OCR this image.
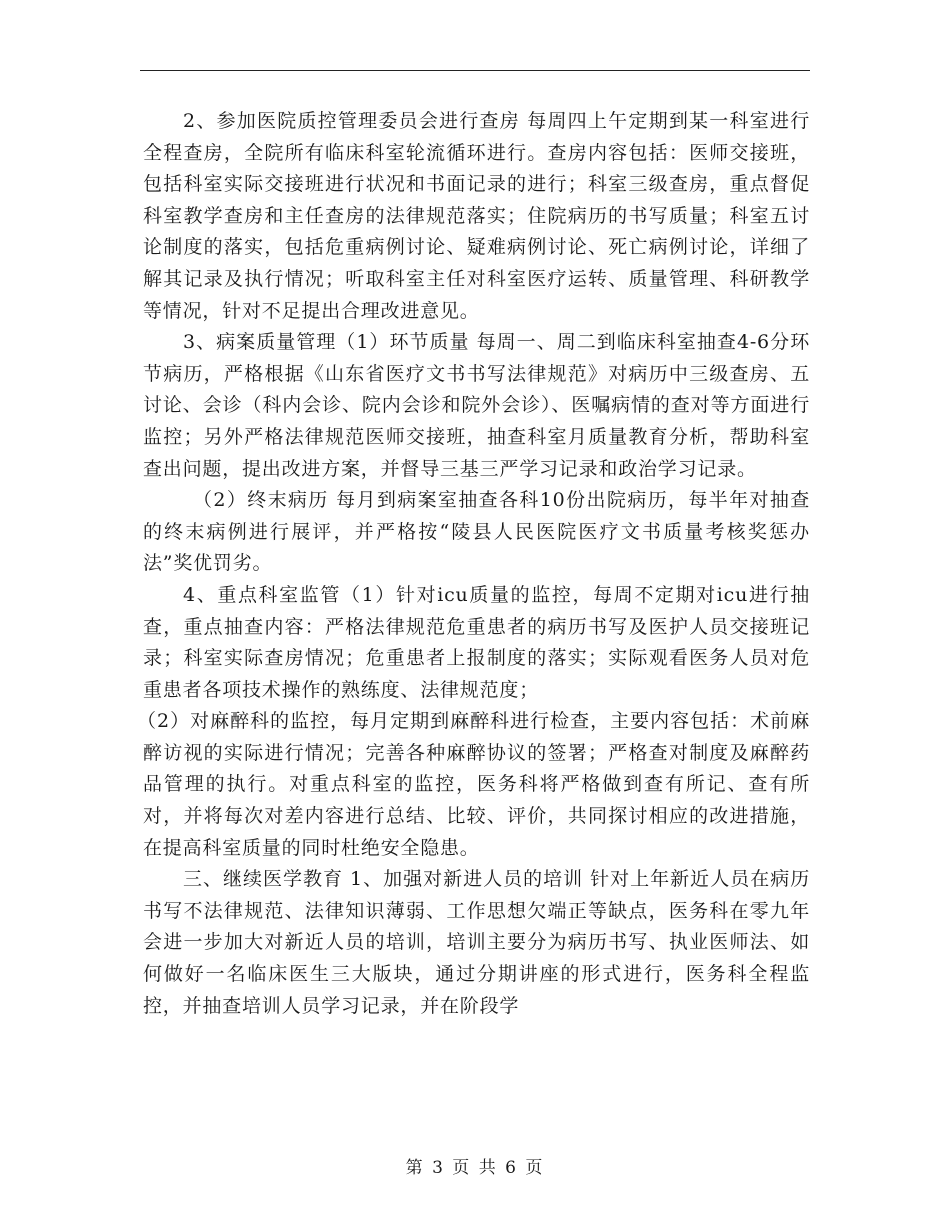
2、参加医院质控管理委员会进行查房 每周四上午定期到某一科室进行全程查房，全院所有临床科室轮流循环进行。查房内容包括：医师交接班，包括科室实际交接班进行状况和书面记录的进行；科室三级查房，重点督促科室教学查房和主任查房的法律规范落实；住院病历的书写质量；科室五讨论制度的落实，包括危重病例讨论、疑难病例讨论、死亡病例讨论，详细了解其记录及执行情况；听取科室主任对科室医疗运转、质量管理、科研教学等情况，针对不足提出合理改进意见。

3、病案质量管理（1）环节质量 每周一、周二到临床科室抽查4-6分环节病历，严格根据《山东省医疗文书书写法律规范》对病历中三级查房、五讨论、会诊（科内会诊、院内会诊和院外会诊）、医嘱病情的查对等方面进行监控；另外严格法律规范医师交接班，抽查科室月质量教育分析，帮助科室查出问题，提出改进方案，并督导三基三严学习记录和政治学习记录。

（2）终末病历 每月到病案室抽查各科10份出院病历，每半年对抽查的终末病例进行展评，并严格按“陵县人民医院医疗文书质量考核奖惩办法”奖优罚劣。

4、重点科室监管（1）针对icu质量的监控，每周不定期对icu进行抽查，重点抽查内容：严格法律规范危重患者的病历书写及医护人员交接班记录；科室实际查房情况；危重患者上报制度的落实；实际观看医务人员对危重患者各项技术操作的熟练度、法律规范度；

（2）对麻醉科的监控，每月定期到麻醉科进行检查，主要内容包括：术前麻醉访视的实际进行情况；完善各种麻醉协议的签署；严格查对制度及麻醉药品管理的执行。对重点科室的监控，医务科将严格做到查有所记、查有所对，并将每次对差内容进行总结、比较、评价，共同探讨相应的改进措施，在提高科室质量的同时杜绝安全隐患。

三、继续医学教育 1、加强对新进人员的培训 针对上年新近人员在病历书写不法律规范、法律知识薄弱、工作思想欠端正等缺点，医务科在零九年会进一步加大对新近人员的培训，培训主要分为病历书写、执业医师法、如何做好一名临床医生三大版块，通过分期讲座的形式进行，医务科全程监控，并抽查培训人员学习记录，并在阶段学

第 3 页 共 6 页
